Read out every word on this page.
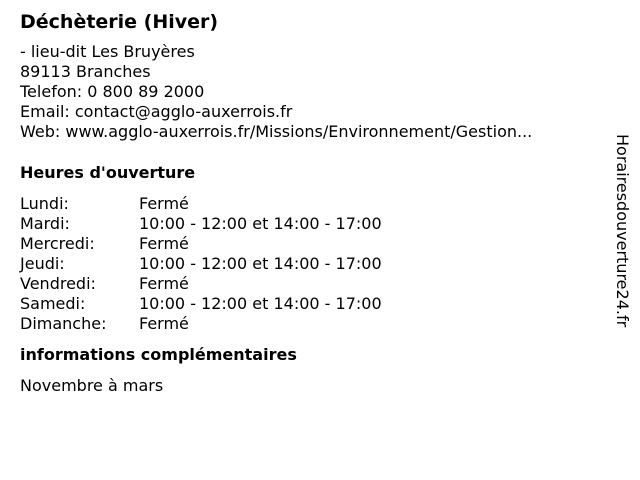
Déchèterie (Hiver)
- lieu-dit Les Bruyères
89113 Branches
Telefon: 0 800 89 2000
Email: contact@agglo-auxerrois.fr
Web: www.agglo-auxerrois.fr/Missions/Environnement/Gestion...
Heures d'ouverture
Lundi:	Fermé
Mardi:	10:00 - 12:00 et 14:00 - 17:00
Mercredi:	Fermé
Jeudi:	10:00 - 12:00 et 14:00 - 17:00
Vendredi:	Fermé
Samedi:	10:00 - 12:00 et 14:00 - 17:00
Dimanche:	Fermé
informations complémentaires
Novembre à mars
Horairesdouverture24.fr
